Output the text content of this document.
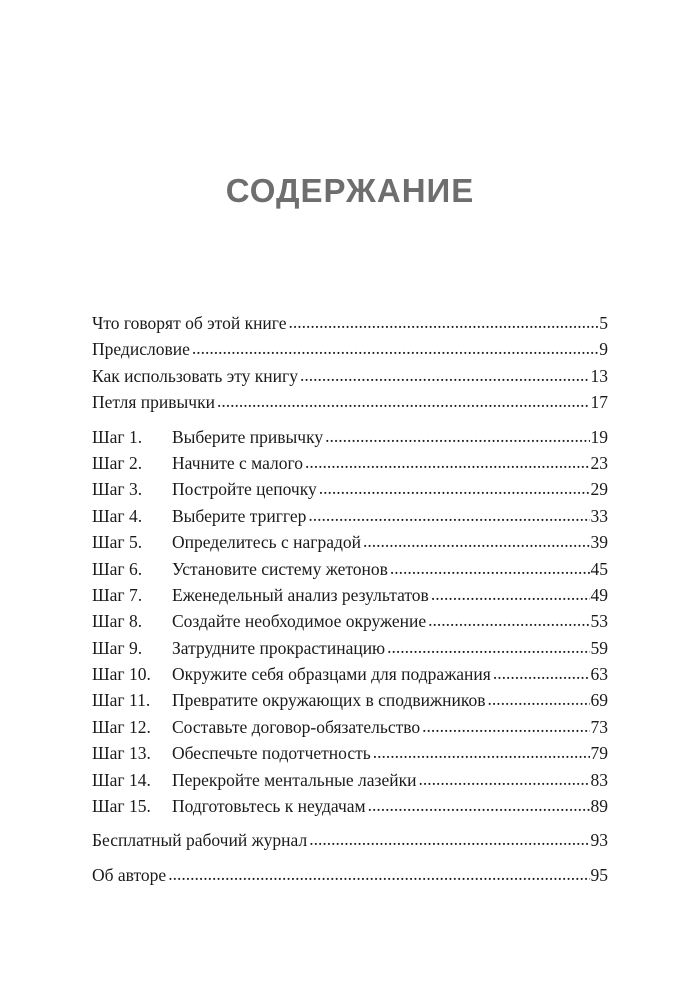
СОДЕРЖАНИЕ
Что говорят об этой книге .....	5
Предисловие .....	9
Как использовать эту книгу .....	13
Петля привычки .....	17
Шаг 1.	Выберите привычку .....	19
Шаг 2.	Начните с малого .....	23
Шаг 3.	Постройте цепочку .....	29
Шаг 4.	Выберите триггер .....	33
Шаг 5.	Определитесь с наградой .....	39
Шаг 6.	Установите систему жетонов .....	45
Шаг 7.	Еженедельный анализ результатов .....	49
Шаг 8.	Создайте необходимое окружение .....	53
Шаг 9.	Затрудните прокрастинацию .....	59
Шаг 10.	Окружите себя образцами для подражания .....	63
Шаг 11.	Превратите окружающих в сподвижников .....	69
Шаг 12.	Составьте договор-обязательство .....	73
Шаг 13.	Обеспечьте подотчетность .....	79
Шаг 14.	Перекройте ментальные лазейки .....	83
Шаг 15.	Подготовьтесь к неудачам .....	89
Бесплатный рабочий журнал .....	93
Об авторе .....	95
